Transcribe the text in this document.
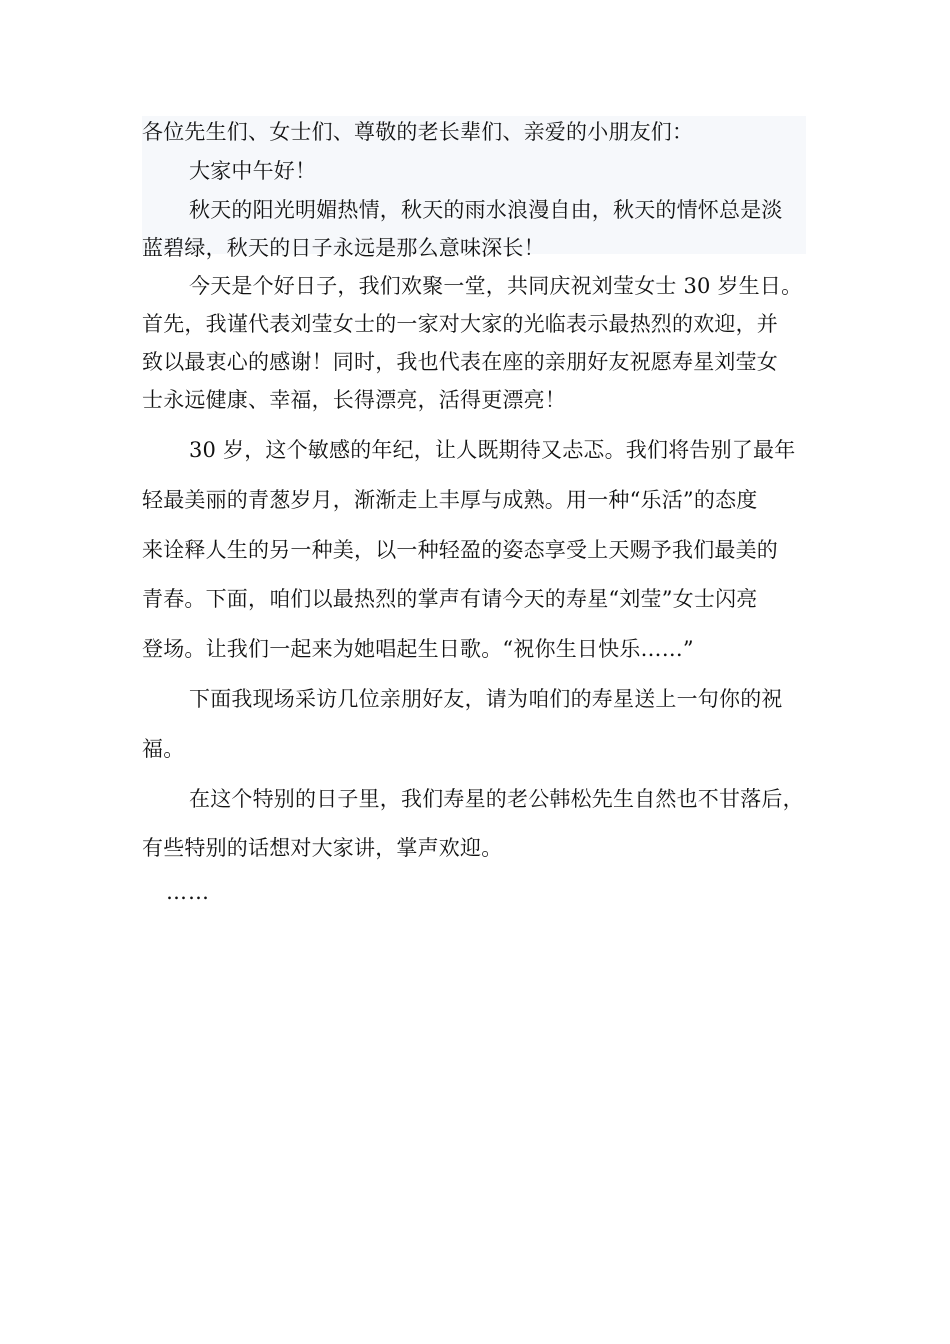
各位先生们、女士们、尊敬的老长辈们、亲爱的小朋友们：
大家中午好！
秋天的阳光明媚热情，秋天的雨水浪漫自由，秋天的情怀总是淡
蓝碧绿，秋天的日子永远是那么意味深长！
今天是个好日子，我们欢聚一堂，共同庆祝刘莹女士 30 岁生日。
首先，我谨代表刘莹女士的一家对大家的光临表示最热烈的欢迎，并
致以最衷心的感谢！同时，我也代表在座的亲朋好友祝愿寿星刘莹女
士永远健康、幸福，长得漂亮，活得更漂亮！
30 岁，这个敏感的年纪，让人既期待又忐忑。我们将告别了最年
轻最美丽的青葱岁月，渐渐走上丰厚与成熟。用一种“乐活”的态度
来诠释人生的另一种美，以一种轻盈的姿态享受上天赐予我们最美的
青春。下面，咱们以最热烈的掌声有请今天的寿星“刘莹”女士闪亮
登场。让我们一起来为她唱起生日歌。“祝你生日快乐……”
下面我现场采访几位亲朋好友，请为咱们的寿星送上一句你的祝
福。
在这个特别的日子里，我们寿星的老公韩松先生自然也不甘落后，
有些特别的话想对大家讲，掌声欢迎。
……
